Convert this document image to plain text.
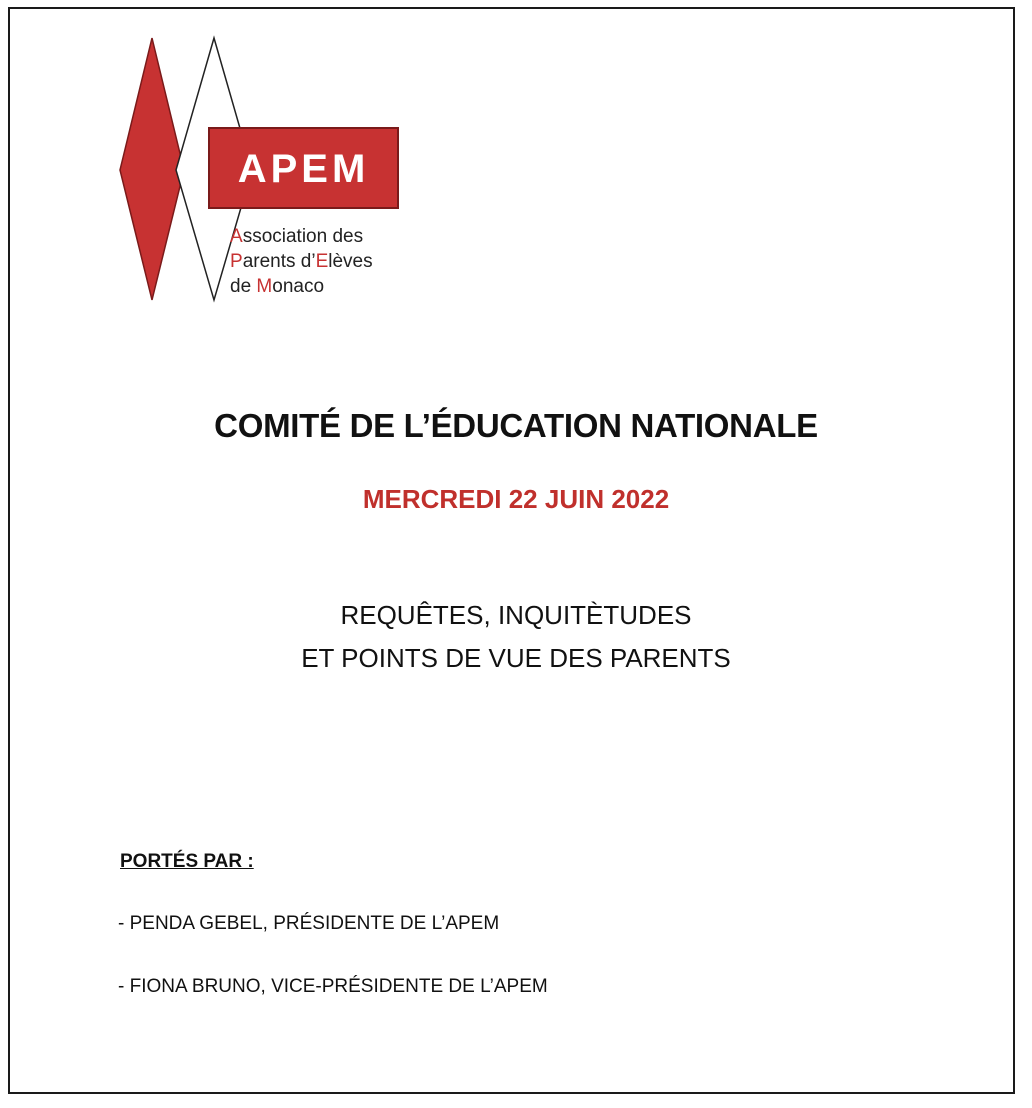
APEM
Association des
Parents d’Elèves
de Monaco
COMITÉ DE L’ÉDUCATION NATIONALE
MERCREDI 22 JUIN 2022
REQUÊTES, INQUITÈTUDES
ET POINTS DE VUE DES PARENTS
PORTÉS PAR :
- PENDA GEBEL, PRÉSIDENTE DE L’APEM
- FIONA BRUNO, VICE-PRÉSIDENTE DE L’APEM
